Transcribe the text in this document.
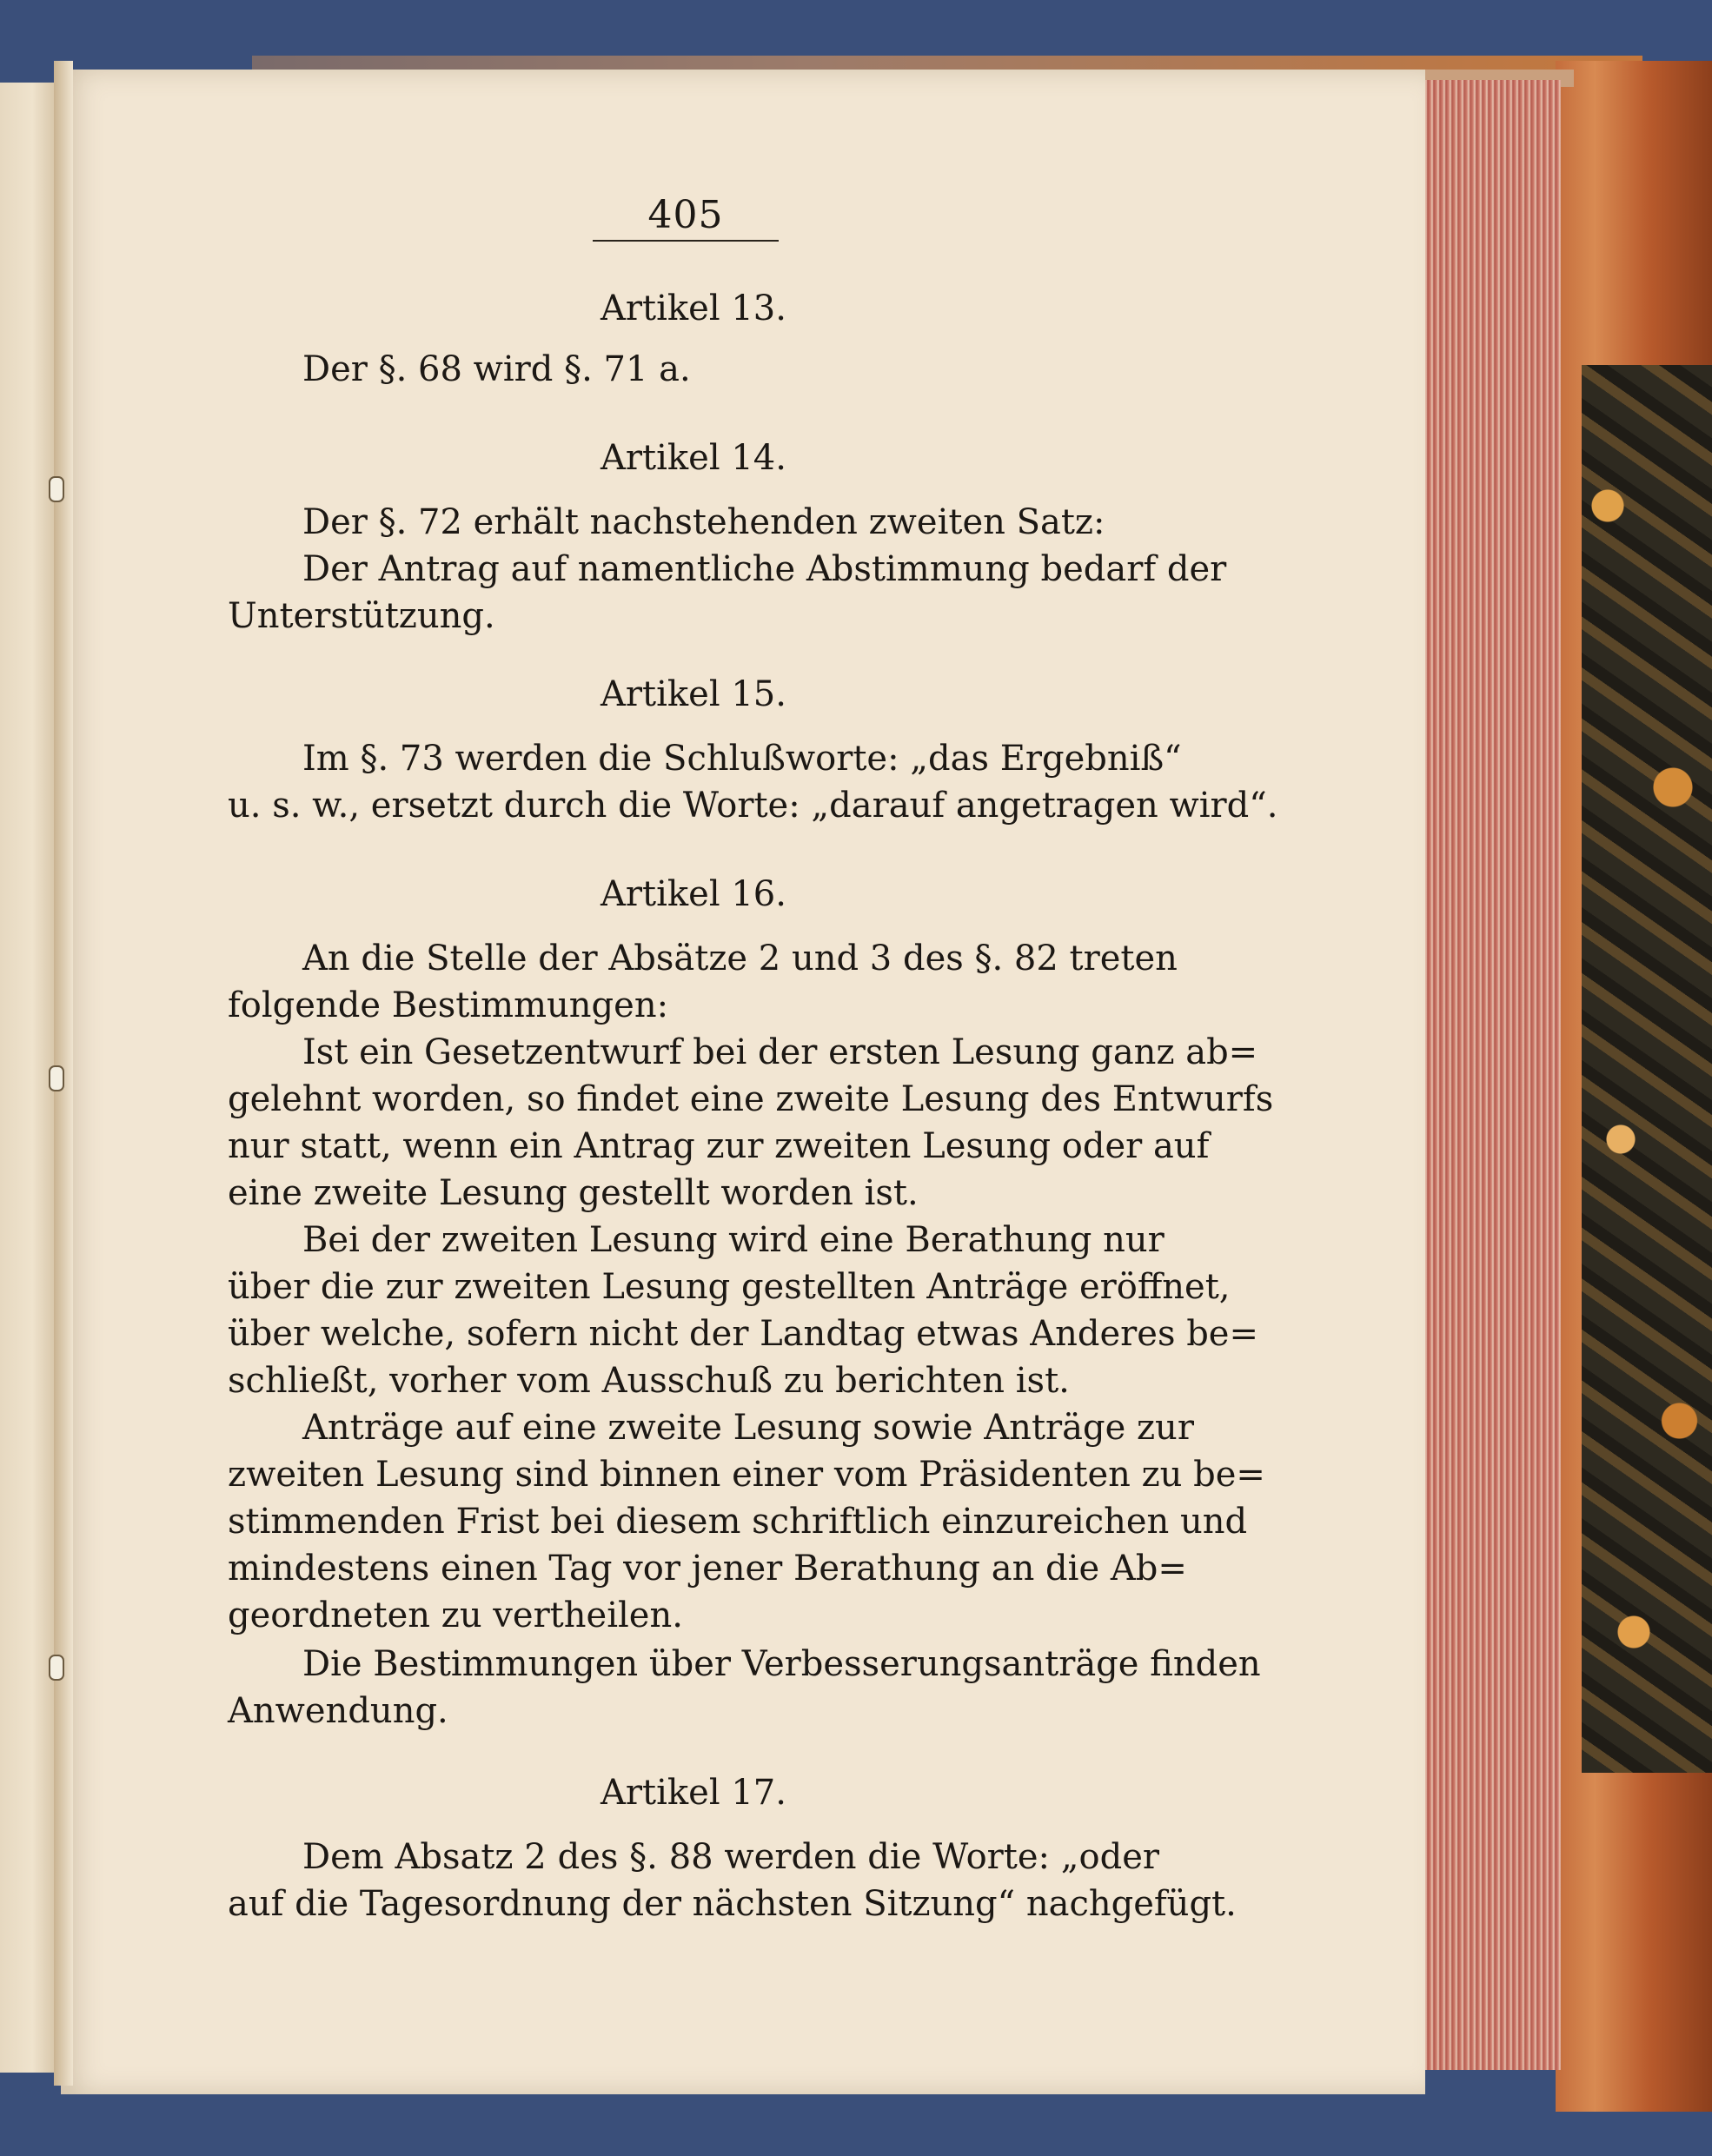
405
Artikel 13.
Der §. 68 wird §. 71 a.
Artikel 14.
Der §. 72 erhält nachstehenden zweiten Satz:
Der Antrag auf namentliche Abstimmung bedarf der
Unterstützung.
Artikel 15.
Im §. 73 werden die Schlußworte: „das Ergebniß“
u. s. w., ersetzt durch die Worte: „darauf angetragen wird“.
Artikel 16.
An die Stelle der Absätze 2 und 3 des §. 82 treten
folgende Bestimmungen:
Ist ein Gesetzentwurf bei der ersten Lesung ganz ab=
gelehnt worden, so findet eine zweite Lesung des Entwurfs
nur statt, wenn ein Antrag zur zweiten Lesung oder auf
eine zweite Lesung gestellt worden ist.
Bei der zweiten Lesung wird eine Berathung nur
über die zur zweiten Lesung gestellten Anträge eröffnet,
über welche, sofern nicht der Landtag etwas Anderes be=
schließt, vorher vom Ausschuß zu berichten ist.
Anträge auf eine zweite Lesung sowie Anträge zur
zweiten Lesung sind binnen einer vom Präsidenten zu be=
stimmenden Frist bei diesem schriftlich einzureichen und
mindestens einen Tag vor jener Berathung an die Ab=
geordneten zu vertheilen.
Die Bestimmungen über Verbesserungsanträge finden
Anwendung.
Artikel 17.
Dem Absatz 2 des §. 88 werden die Worte: „oder
auf die Tagesordnung der nächsten Sitzung“ nachgefügt.
